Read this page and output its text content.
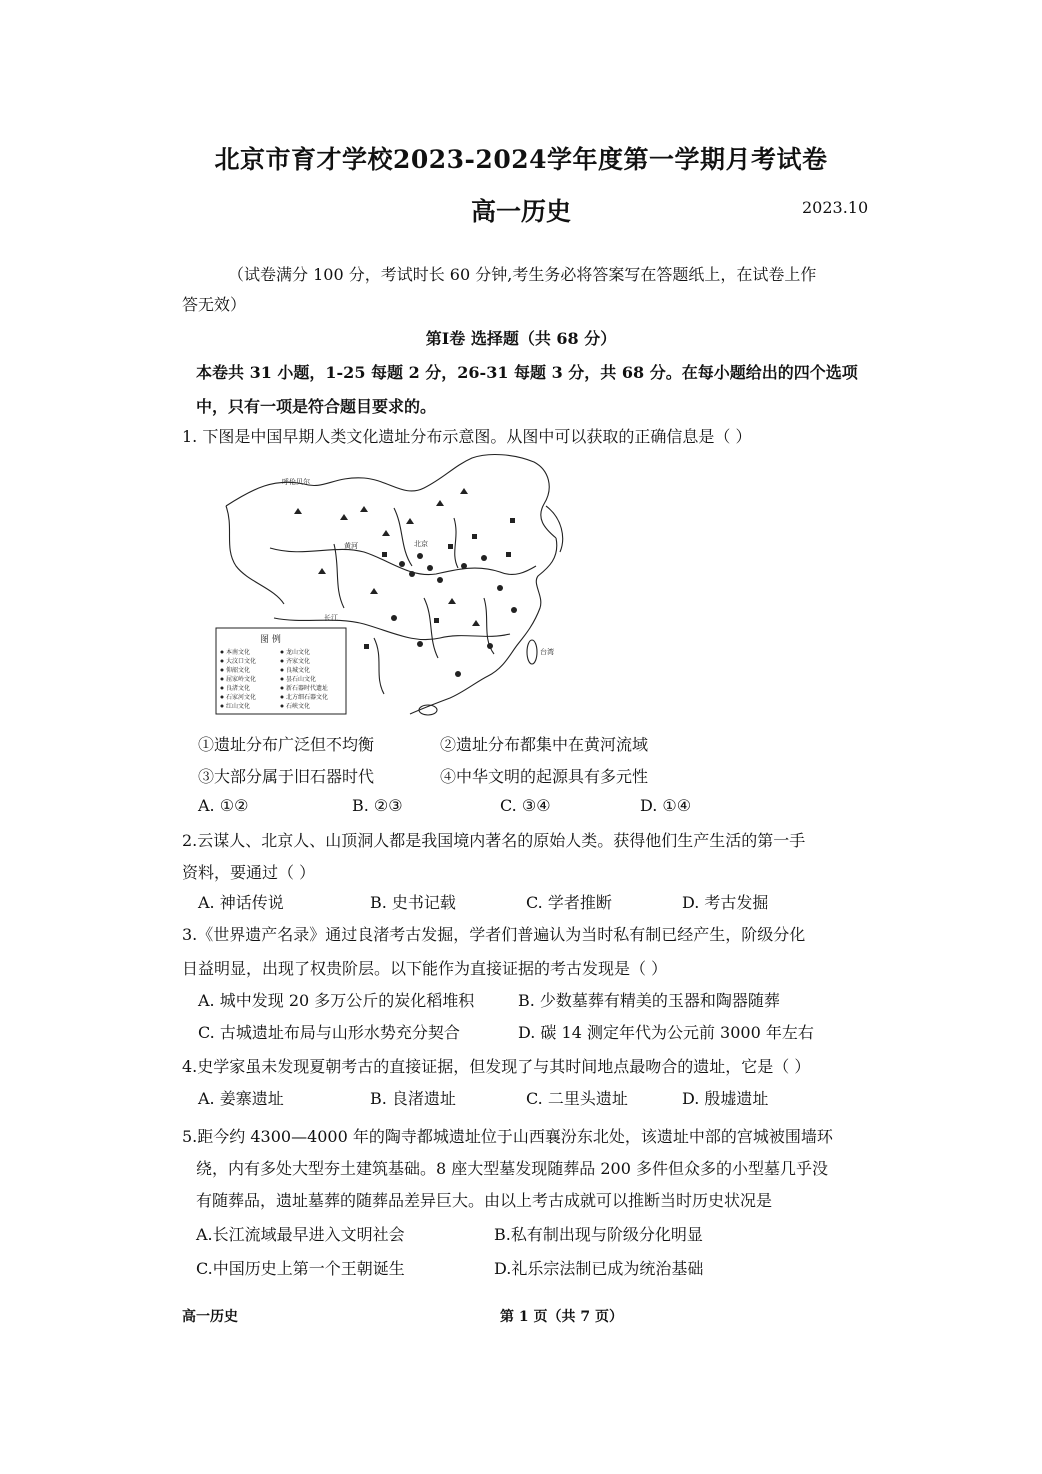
北京市育才学校2023-2024学年度第一学期月考试卷
高一历史	2023.10
（试卷满分 100 分，考试时长 60 分钟,考生务必将答案写在答题纸上，在试卷上作
答无效）
第Ⅰ卷 选择题（共 68 分）
本卷共 31 小题，1-25 每题 2 分，26-31 每题 3 分，共 68 分。在每小题给出的四个选项
中，只有一项是符合题目要求的。
1. 下图是中国早期人类文化遗址分布示意图。从图中可以获取的正确信息是（ ）
呼伦贝尔
北京
黄河
长江
台湾
图 例
本南文化
大汶口文化
仰韶文化
屈家岭文化
良渚文化
石家河文化
红山文化
龙山文化
齐家文化
良城文化
昙石山文化
新石器时代遗址
北方细石器文化
石峡文化
①遗址分布广泛但不均衡	②遗址分布都集中在黄河流域
③大部分属于旧石器时代	④中华文明的起源具有多元性
A. ①②	B. ②③	C. ③④	D. ①④
2.云谋人、北京人、山顶洞人都是我国境内著名的原始人类。获得他们生产生活的第一手
资料，要通过（ ）
A. 神话传说	B. 史书记载	C. 学者推断	D. 考古发掘
3.《世界遗产名录》通过良渚考古发掘，学者们普遍认为当时私有制已经产生，阶级分化
日益明显，出现了权贵阶层。以下能作为直接证据的考古发现是（ ）
A. 城中发现 20 多万公斤的炭化稻堆积	B. 少数墓葬有精美的玉器和陶器随葬
C. 古城遗址布局与山形水势充分契合	D. 碳 14 测定年代为公元前 3000 年左右
4.史学家虽未发现夏朝考古的直接证据，但发现了与其时间地点最吻合的遗址，它是（ ）
A. 姜寨遗址	B. 良渚遗址	C. 二里头遗址	D. 殷墟遗址
5.距今约 4300—4000 年的陶寺都城遗址位于山西襄汾东北处，该遗址中部的宫城被围墙环
绕，内有多处大型夯土建筑基础。8 座大型墓发现随葬品 200 多件但众多的小型墓几乎没
有随葬品，遗址墓葬的随葬品差异巨大。由以上考古成就可以推断当时历史状况是
A.长江流域最早进入文明社会	B.私有制出现与阶级分化明显
C.中国历史上第一个王朝诞生	D.礼乐宗法制已成为统治基础
高一历史	第 1 页（共 7 页）
